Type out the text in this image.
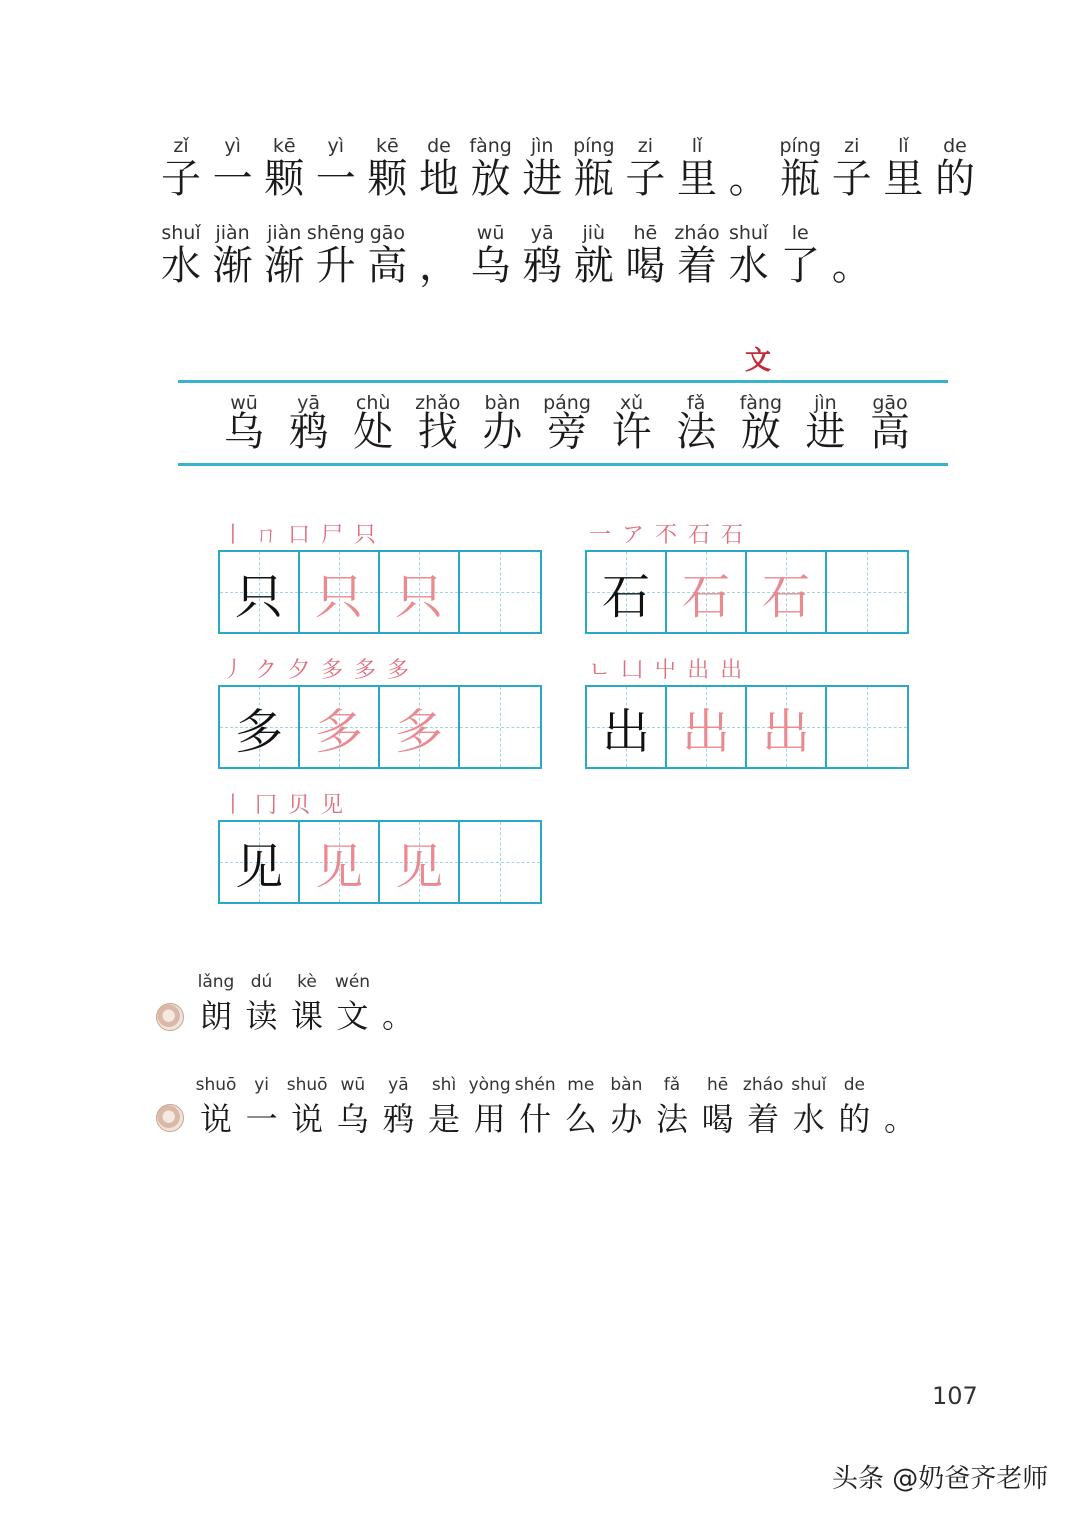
zǐ
子
yì
一
kē
颗
yì
一
kē
颗
de
地
fàng
放
jìn
进
píng
瓶
zi
子
lǐ
里 。
píng
瓶
zi
子
lǐ
里
de
的
shuǐ
水
jiàn
渐
jiàn
渐
shēng
升
gāo
高 ，
wū
乌
yā
鸦
jiù
就
hē
喝
zháo
着
shuǐ
水
le
了 。
文
wū
乌
yā
鸦
chù
处
zhǎo
找
bàn
办
páng
旁
xǔ
许
fǎ
法
fàng
放
jìn
进
gāo
高
丨 ㄇ 口 尸 只
只 只 只
一 ア 不 石 石
石 石 石
丿 ク 夕 多 多 多
多 多 多
ㄴ 凵 屮 出 出
出 出 出
丨 冂 贝 见
见 见 见
lǎng
朗
dú
读
kè
课
wén
文 。
shuō
说
yi
一
shuō
说
wū
乌
yā
鸦
shì
是
yòng
用
shén
什
me
么
bàn
办
fǎ
法
hē
喝
zháo
着
shuǐ
水
de
的 。
107
头条 @奶爸齐老师
